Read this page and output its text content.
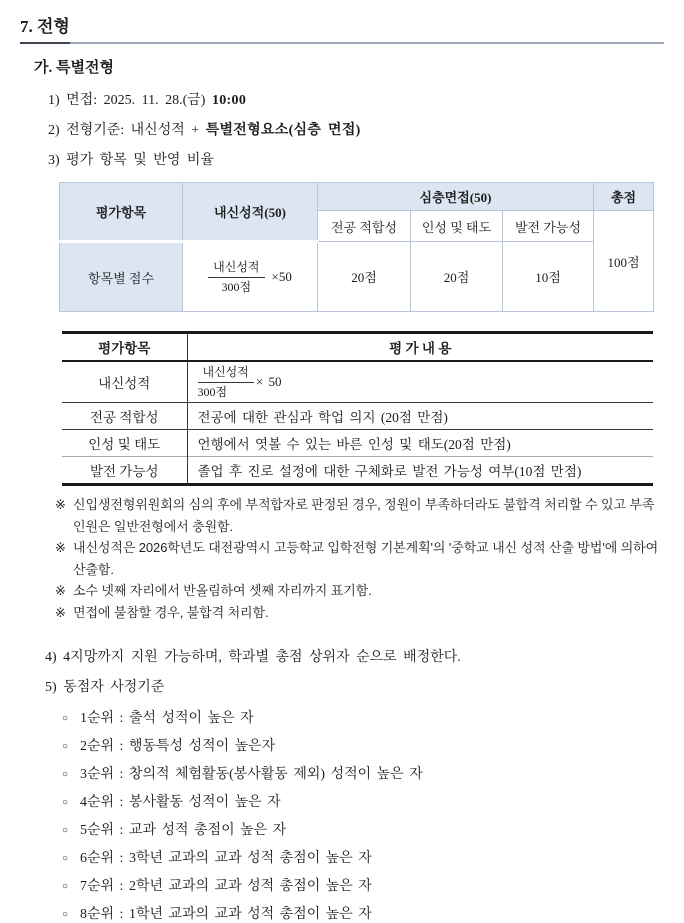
7. 전형
가. 특별전형
1) 면접: 2025. 11. 28.(금) 10:00
2) 전형기준: 내신성적 + 특별전형요소(심층 면접)
3) 평가 항목 및 반영 비율
평가항목	내신성적(50)	심층면접(50)			총점
		전공 적합성	인성 및 태도	발전 가능성	100점
항목별 점수	$\frac{\text{내신성적}}{\text{300점}} \times 50$	20점	20점	10점	
평가항목	평 가 내 용
내신성적	$\frac{\text{내신성적}}{\text{300점}} \times 50$
전공 적합성	전공에 대한 관심과 학업 의지 (20점 만점)
인성 및 태도	언행에서 엿볼 수 있는 바른 인성 및 태도(20점 만점)
발전 가능성	졸업 후 진로 설정에 대한 구체화로 발전 가능성 여부(10점 만점)
※ 신입생전형위원회의 심의 후에 부적합자로 판정된 경우, 정원이 부족하더라도 불합격 처리할 수 있고 부족 인원은 일반전형에서 충원함.
※ 내신성적은 2026학년도 대전광역시 고등학교 입학전형 기본계획'의 '중학교 내신 성적 산출 방법'에 의하여 산출함.
※ 소수 넷째 자리에서 반올림하여 셋째 자리까지 표기함.
※ 면접에 불참할 경우, 불합격 처리함.
4) 4지망까지 지원 가능하며, 학과별 총점 상위자 순으로 배정한다.
5) 동점자 사정기준
○ 1순위 : 출석 성적이 높은 자
○ 2순위 : 행동특성 성적이 높은자
○ 3순위 : 창의적 체험활동(봉사활동 제외) 성적이 높은 자
○ 4순위 : 봉사활동 성적이 높은 자
○ 5순위 : 교과 성적 총점이 높은 자
○ 6순위 : 3학년 교과의 교과 성적 총점이 높은 자
○ 7순위 : 2학년 교과의 교과 성적 총점이 높은 자
○ 8순위 : 1학년 교과의 교과 성적 총점이 높은 자
